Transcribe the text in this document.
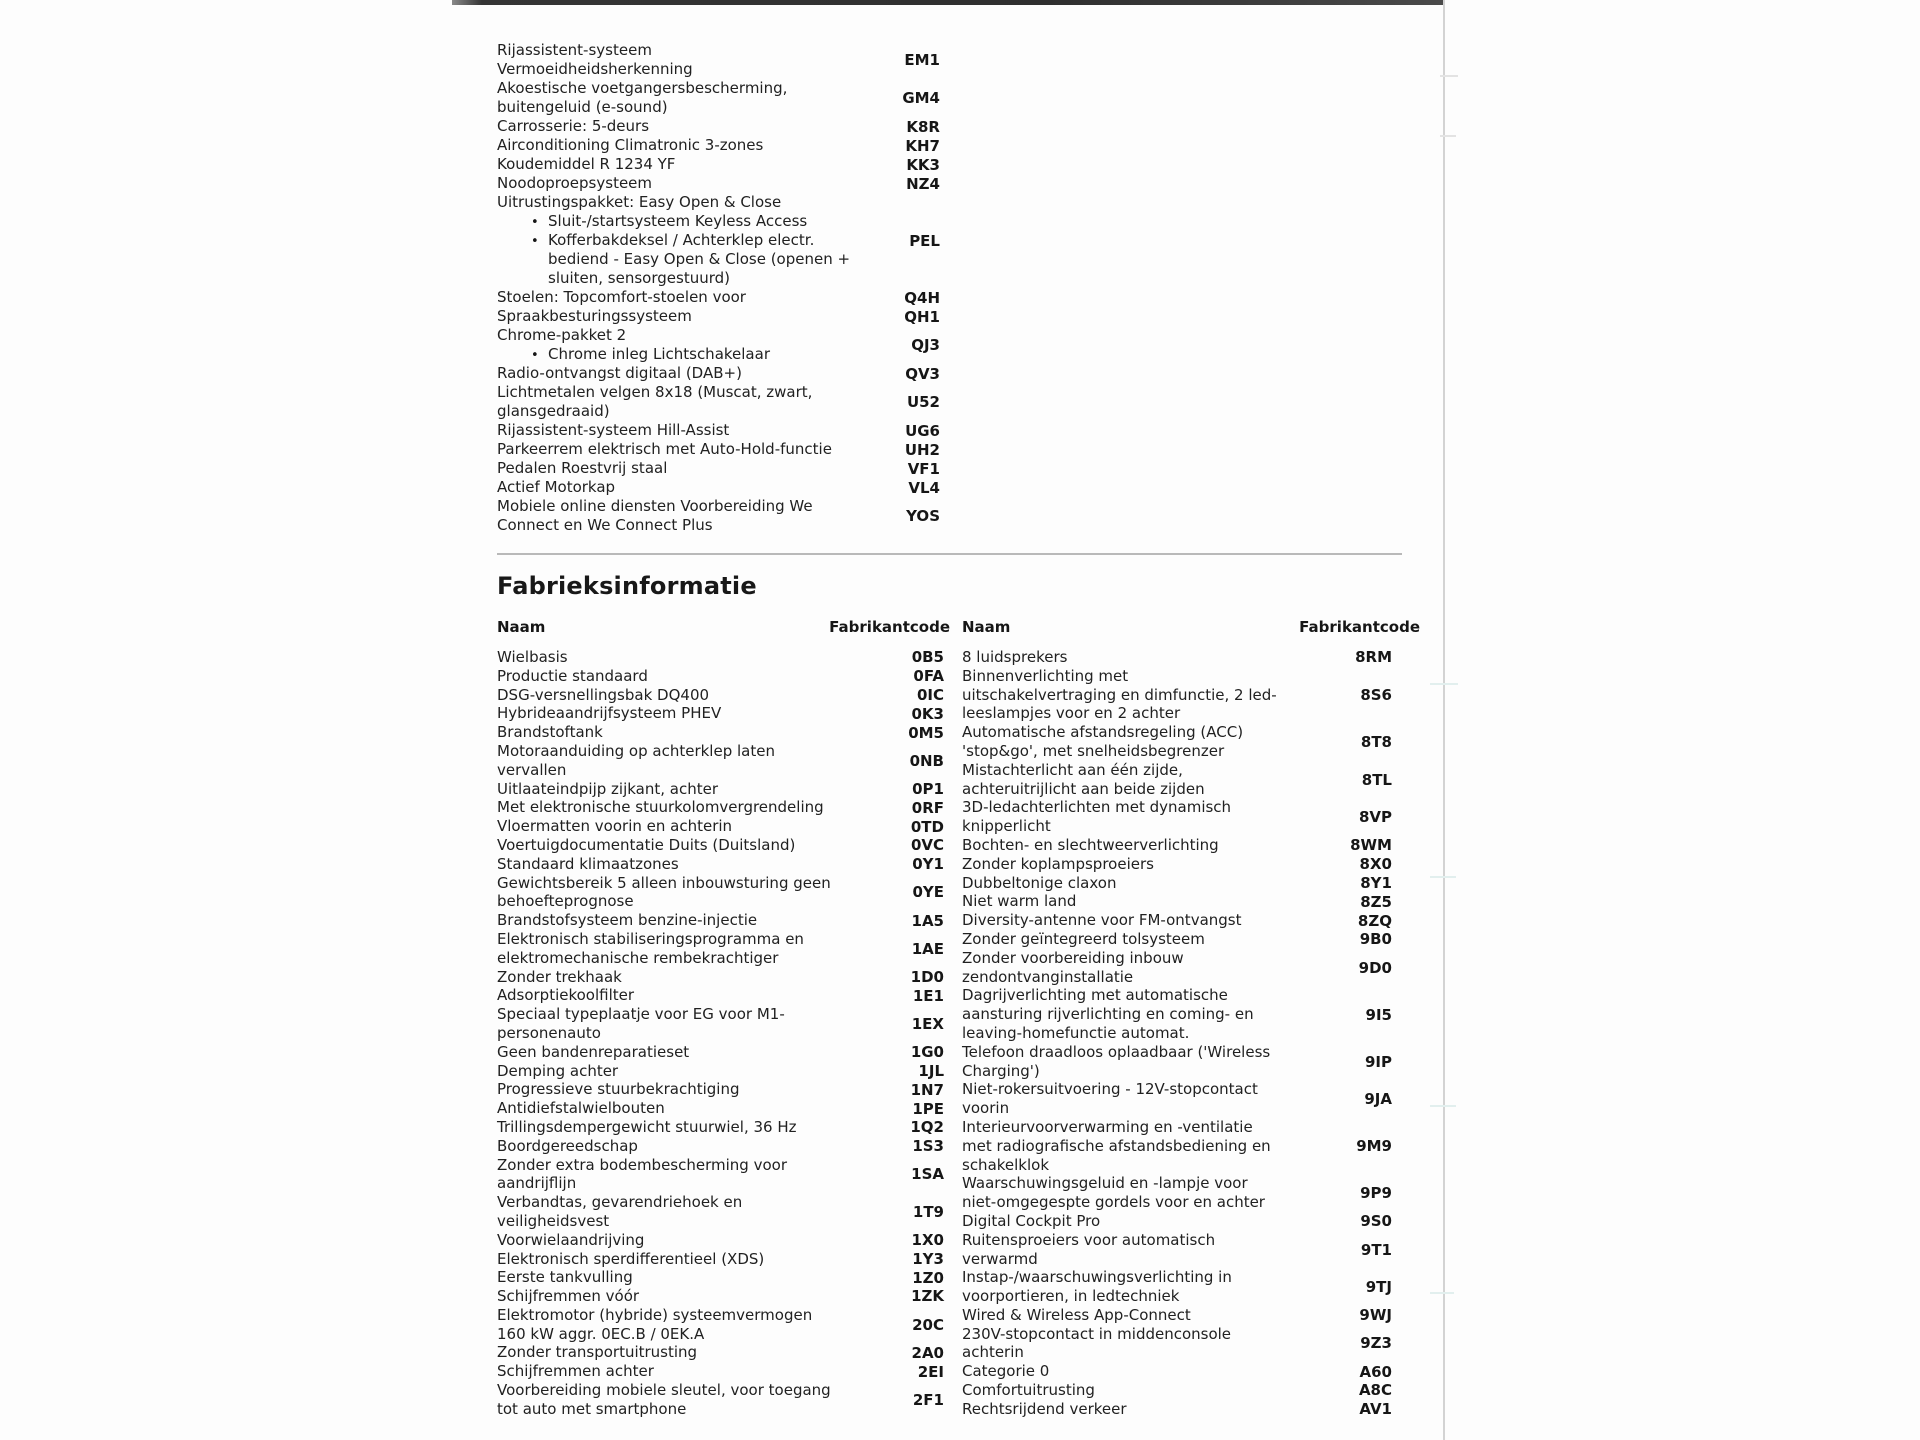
Rijassistent-systeem
Vermoeidheidsherkenning	EM1
Akoestische voetgangersbescherming,
buitengeluid (e-sound)	GM4
Carrosserie: 5-deurs	K8R
Airconditioning Climatronic 3-zones	KH7
Koudemiddel R 1234 YF	KK3
Noodoproepsysteem	NZ4
Uitrustingspakket: Easy Open & Close
• Sluit-/startsysteem Keyless Access
• Kofferbakdeksel / Achterklep electr.
bediend - Easy Open & Close (openen +
sluiten, sensorgestuurd)
PEL
Stoelen: Topcomfort-stoelen voor	Q4H
Spraakbesturingssysteem	QH1
Chrome-pakket 2
• Chrome inleg Lichtschakelaar	QJ3
Radio-ontvangst digitaal (DAB+)	QV3
Lichtmetalen velgen 8x18 (Muscat, zwart,
glansgedraaid)	U52
Rijassistent-systeem Hill-Assist	UG6
Parkeerrem elektrisch met Auto-Hold-functie	UH2
Pedalen Roestvrij staal	VF1
Actief Motorkap	VL4
Mobiele online diensten Voorbereiding We
Connect en We Connect Plus	YOS
Fabrieksinformatie
Naam	Fabrikantcode Naam	Fabrikantcode
Wielbasis	0B5
Productie standaard	0FA
DSG-versnellingsbak DQ400	0IC
Hybrideaandrijfsysteem PHEV	0K3
Brandstoftank	0M5
Motoraanduiding op achterklep laten
vervallen	0NB
Uitlaateindpijp zijkant, achter	0P1
Met elektronische stuurkolomvergrendeling	0RF
Vloermatten voorin en achterin	0TD
Voertuigdocumentatie Duits (Duitsland)	0VC
Standaard klimaatzones	0Y1
Gewichtsbereik 5 alleen inbouwsturing geen
behoefteprognose	0YE
Brandstofsysteem benzine-injectie	1A5
Elektronisch stabiliseringsprogramma en
elektromechanische rembekrachtiger	1AE
Zonder trekhaak	1D0
Adsorptiekoolfilter	1E1
Speciaal typeplaatje voor EG voor M1-
personenauto	1EX
Geen bandenreparatieset	1G0
Demping achter	1JL
Progressieve stuurbekrachtiging	1N7
Antidiefstalwielbouten	1PE
Trillingsdempergewicht stuurwiel, 36 Hz	1Q2
Boordgereedschap	1S3
Zonder extra bodembescherming voor
aandrijflijn	1SA
Verbandtas, gevarendriehoek en
veiligheidsvest	1T9
Voorwielaandrijving	1X0
Elektronisch sperdifferentieel (XDS)	1Y3
Eerste tankvulling	1Z0
Schijfremmen vóór	1ZK
Elektromotor (hybride) systeemvermogen
160 kW aggr. 0EC.B / 0EK.A	20C
Zonder transportuitrusting	2A0
Schijfremmen achter	2EI
Voorbereiding mobiele sleutel, voor toegang
tot auto met smartphone	2F1
8 luidsprekers	8RM
Binnenverlichting met
uitschakelvertraging en dimfunctie, 2 led-
leeslampjes voor en 2 achter
8S6
Automatische afstandsregeling (ACC)
'stop&go', met snelheidsbegrenzer	8T8
Mistachterlicht aan één zijde,
achteruitrijlicht aan beide zijden	8TL
3D-ledachterlichten met dynamisch
knipperlicht	8VP
Bochten- en slechtweerverlichting	8WM
Zonder koplampsproeiers	8X0
Dubbeltonige claxon	8Y1
Niet warm land	8Z5
Diversity-antenne voor FM-ontvangst	8ZQ
Zonder geïntegreerd tolsysteem	9B0
Zonder voorbereiding inbouw
zendontvanginstallatie	9D0
Dagrijverlichting met automatische
aansturing rijverlichting en coming- en
leaving-homefunctie automat.
9I5
Telefoon draadloos oplaadbaar ('Wireless
Charging')	9IP
Niet-rokersuitvoering - 12V-stopcontact
voorin	9JA
Interieurvoorverwarming en -ventilatie
met radiografische afstandsbediening en
schakelklok
9M9
Waarschuwingsgeluid en -lampje voor
niet-omgegespte gordels voor en achter	9P9
Digital Cockpit Pro	9S0
Ruitensproeiers voor automatisch
verwarmd	9T1
Instap-/waarschuwingsverlichting in
voorportieren, in ledtechniek	9TJ
Wired & Wireless App-Connect	9WJ
230V-stopcontact in middenconsole
achterin	9Z3
Categorie 0	A60
Comfortuitrusting	A8C
Rechtsrijdend verkeer	AV1
